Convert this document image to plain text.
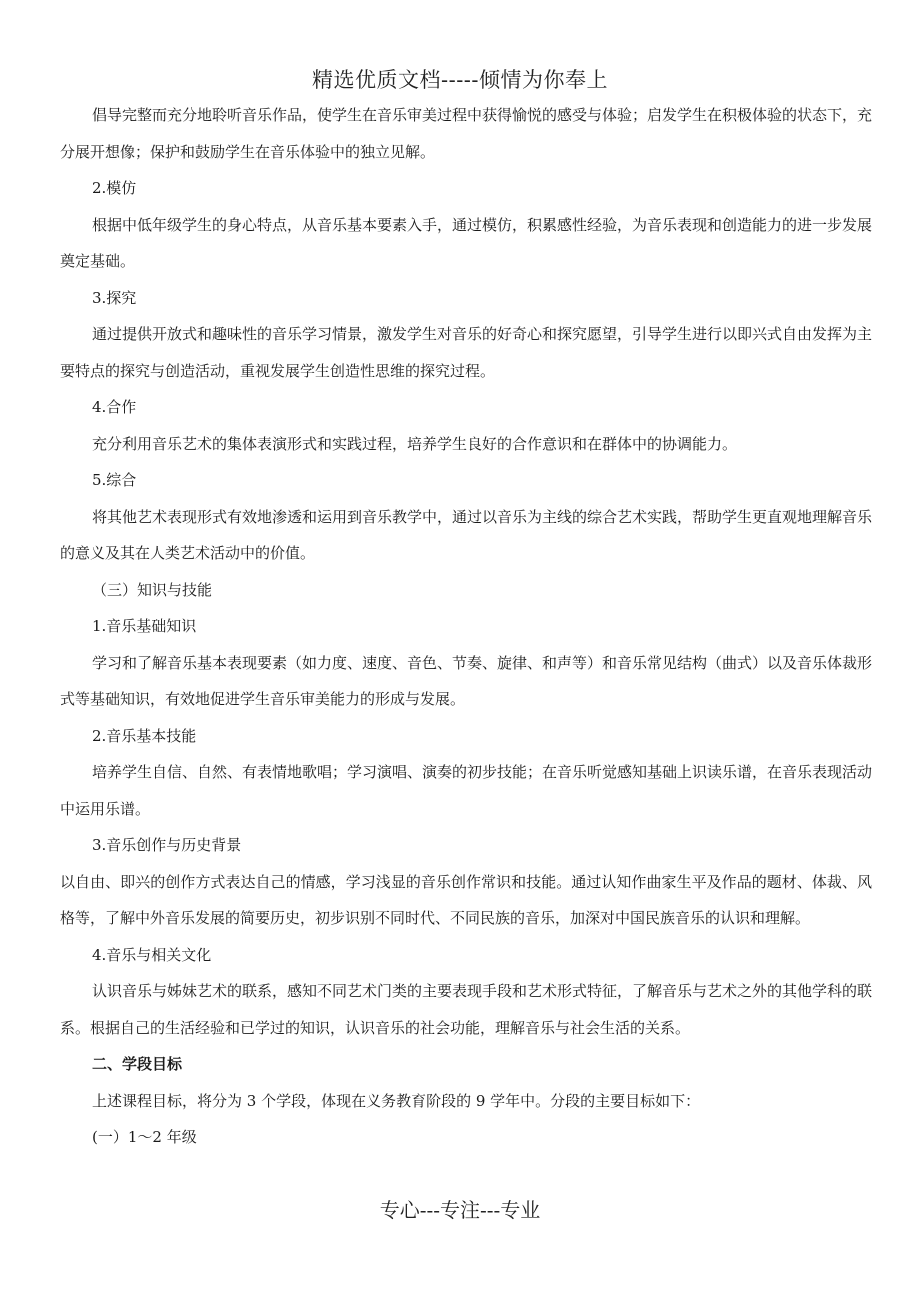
精选优质文档-----倾情为你奉上

倡导完整而充分地聆听音乐作品，使学生在音乐审美过程中获得愉悦的感受与体验；启发学生在积极体验的状态下，充分展开想像；保护和鼓励学生在音乐体验中的独立见解。

2.模仿

根据中低年级学生的身心特点，从音乐基本要素入手，通过模仿，积累感性经验，为音乐表现和创造能力的进一步发展奠定基础。

3.探究

通过提供开放式和趣味性的音乐学习情景，激发学生对音乐的好奇心和探究愿望，引导学生进行以即兴式自由发挥为主要特点的探究与创造活动，重视发展学生创造性思维的探究过程。

4.合作

充分利用音乐艺术的集体表演形式和实践过程，培养学生良好的合作意识和在群体中的协调能力。

5.综合

将其他艺术表现形式有效地渗透和运用到音乐教学中，通过以音乐为主线的综合艺术实践，帮助学生更直观地理解音乐的意义及其在人类艺术活动中的价值。

（三）知识与技能

1.音乐基础知识

学习和了解音乐基本表现要素（如力度、速度、音色、节奏、旋律、和声等）和音乐常见结构（曲式）以及音乐体裁形式等基础知识，有效地促进学生音乐审美能力的形成与发展。

2.音乐基本技能

培养学生自信、自然、有表情地歌唱；学习演唱、演奏的初步技能；在音乐听觉感知基础上识读乐谱，在音乐表现活动中运用乐谱。

3.音乐创作与历史背景

以自由、即兴的创作方式表达自己的情感，学习浅显的音乐创作常识和技能。通过认知作曲家生平及作品的题材、体裁、风格等，了解中外音乐发展的简要历史，初步识别不同时代、不同民族的音乐，加深对中国民族音乐的认识和理解。

4.音乐与相关文化

认识音乐与姊妹艺术的联系，感知不同艺术门类的主要表现手段和艺术形式特征，了解音乐与艺术之外的其他学科的联系。根据自己的生活经验和已学过的知识，认识音乐的社会功能，理解音乐与社会生活的关系。

二、学段目标

上述课程目标，将分为 3 个学段，体现在义务教育阶段的 9 学年中。分段的主要目标如下：

(一）1～2 年级

专心---专注---专业
